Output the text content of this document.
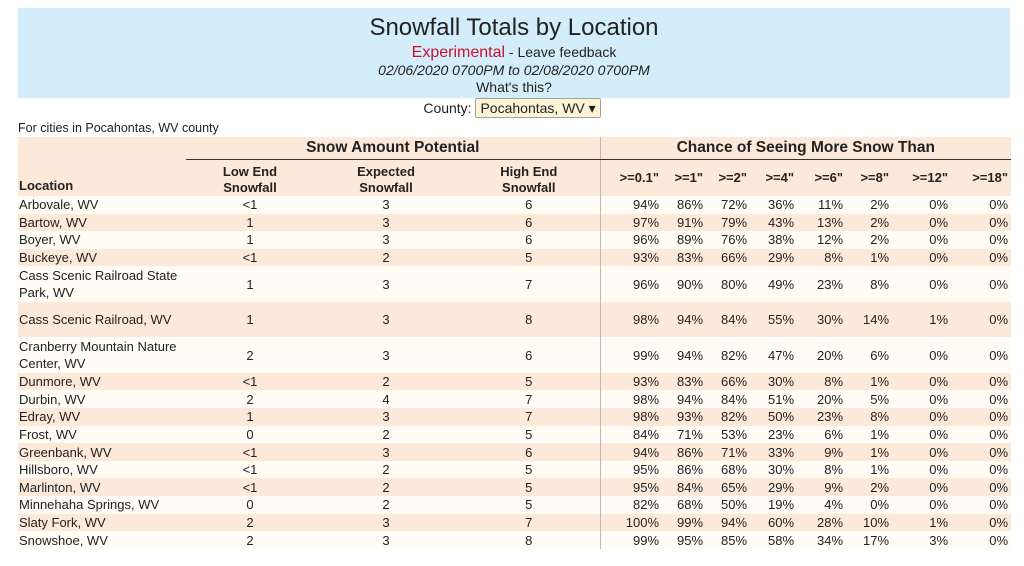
Snowfall Totals by Location
Experimental - Leave feedback
02/06/2020 0700PM to 02/08/2020 0700PM
What's this?
County: Pocahontas, WV ▾
For cities in Pocahontas, WV county
Location	Snow Amount Potential			Chance of Seeing More Snow Than							
	Low End
Snowfall	Expected
Snowfall	High End
Snowfall	>=0.1"	>=1"	>=2"	>=4"	>=6"	>=8"	>=12"	>=18"
Arbovale, WV	<1	3	6	94%	86%	72%	36%	11%	2%	0%	0%
Bartow, WV	1	3	6	97%	91%	79%	43%	13%	2%	0%	0%
Boyer, WV	1	3	6	96%	89%	76%	38%	12%	2%	0%	0%
Buckeye, WV	<1	2	5	93%	83%	66%	29%	8%	1%	0%	0%
Cass Scenic Railroad State Park, WV	1	3	7	96%	90%	80%	49%	23%	8%	0%	0%
Cass Scenic Railroad, WV	1	3	8	98%	94%	84%	55%	30%	14%	1%	0%
Cranberry Mountain Nature Center, WV	2	3	6	99%	94%	82%	47%	20%	6%	0%	0%
Dunmore, WV	<1	2	5	93%	83%	66%	30%	8%	1%	0%	0%
Durbin, WV	2	4	7	98%	94%	84%	51%	20%	5%	0%	0%
Edray, WV	1	3	7	98%	93%	82%	50%	23%	8%	0%	0%
Frost, WV	0	2	5	84%	71%	53%	23%	6%	1%	0%	0%
Greenbank, WV	<1	3	6	94%	86%	71%	33%	9%	1%	0%	0%
Hillsboro, WV	<1	2	5	95%	86%	68%	30%	8%	1%	0%	0%
Marlinton, WV	<1	2	5	95%	84%	65%	29%	9%	2%	0%	0%
Minnehaha Springs, WV	0	2	5	82%	68%	50%	19%	4%	0%	0%	0%
Slaty Fork, WV	2	3	7	100%	99%	94%	60%	28%	10%	1%	0%
Snowshoe, WV	2	3	8	99%	95%	85%	58%	34%	17%	3%	0%
